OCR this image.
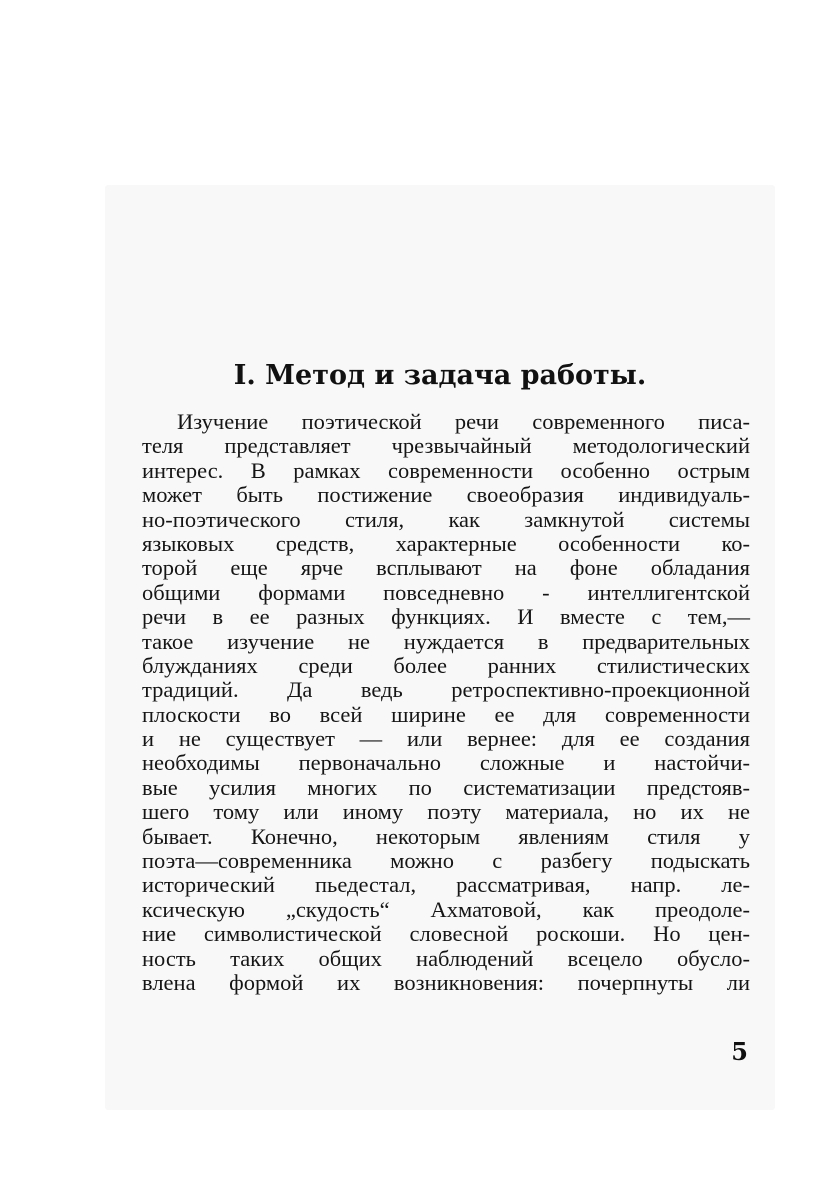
I. Метод и задача работы.
Изучение поэтической речи современного писа-
теля представляет чрезвычайный методологический
интерес. В рамках современности особенно острым
может быть постижение своеобразия индивидуаль-
но-поэтического стиля, как замкнутой системы
языковых средств, характерные особенности ко-
торой еще ярче всплывают на фоне обладания
общими формами повседневно - интеллигентской
речи в ее разных функциях. И вместе с тем,—
такое изучение не нуждается в предварительных
блужданиях среди более ранних стилистических
традиций. Да ведь ретроспективно-проекционной
плоскости во всей ширине ее для современности
и не существует — или вернее: для ее создания
необходимы первоначально сложные и настойчи-
вые усилия многих по систематизации предстояв-
шего тому или иному поэту материала, но их не
бывает. Конечно, некоторым явлениям стиля у
поэта—современника можно с разбегу подыскать
исторический пьедестал, рассматривая, напр. ле-
ксическую „скудость“ Ахматовой, как преодоле-
ние символистической словесной роскоши. Но цен-
ность таких общих наблюдений всецело обусло-
влена формой их возникновения: почерпнуты ли
5
